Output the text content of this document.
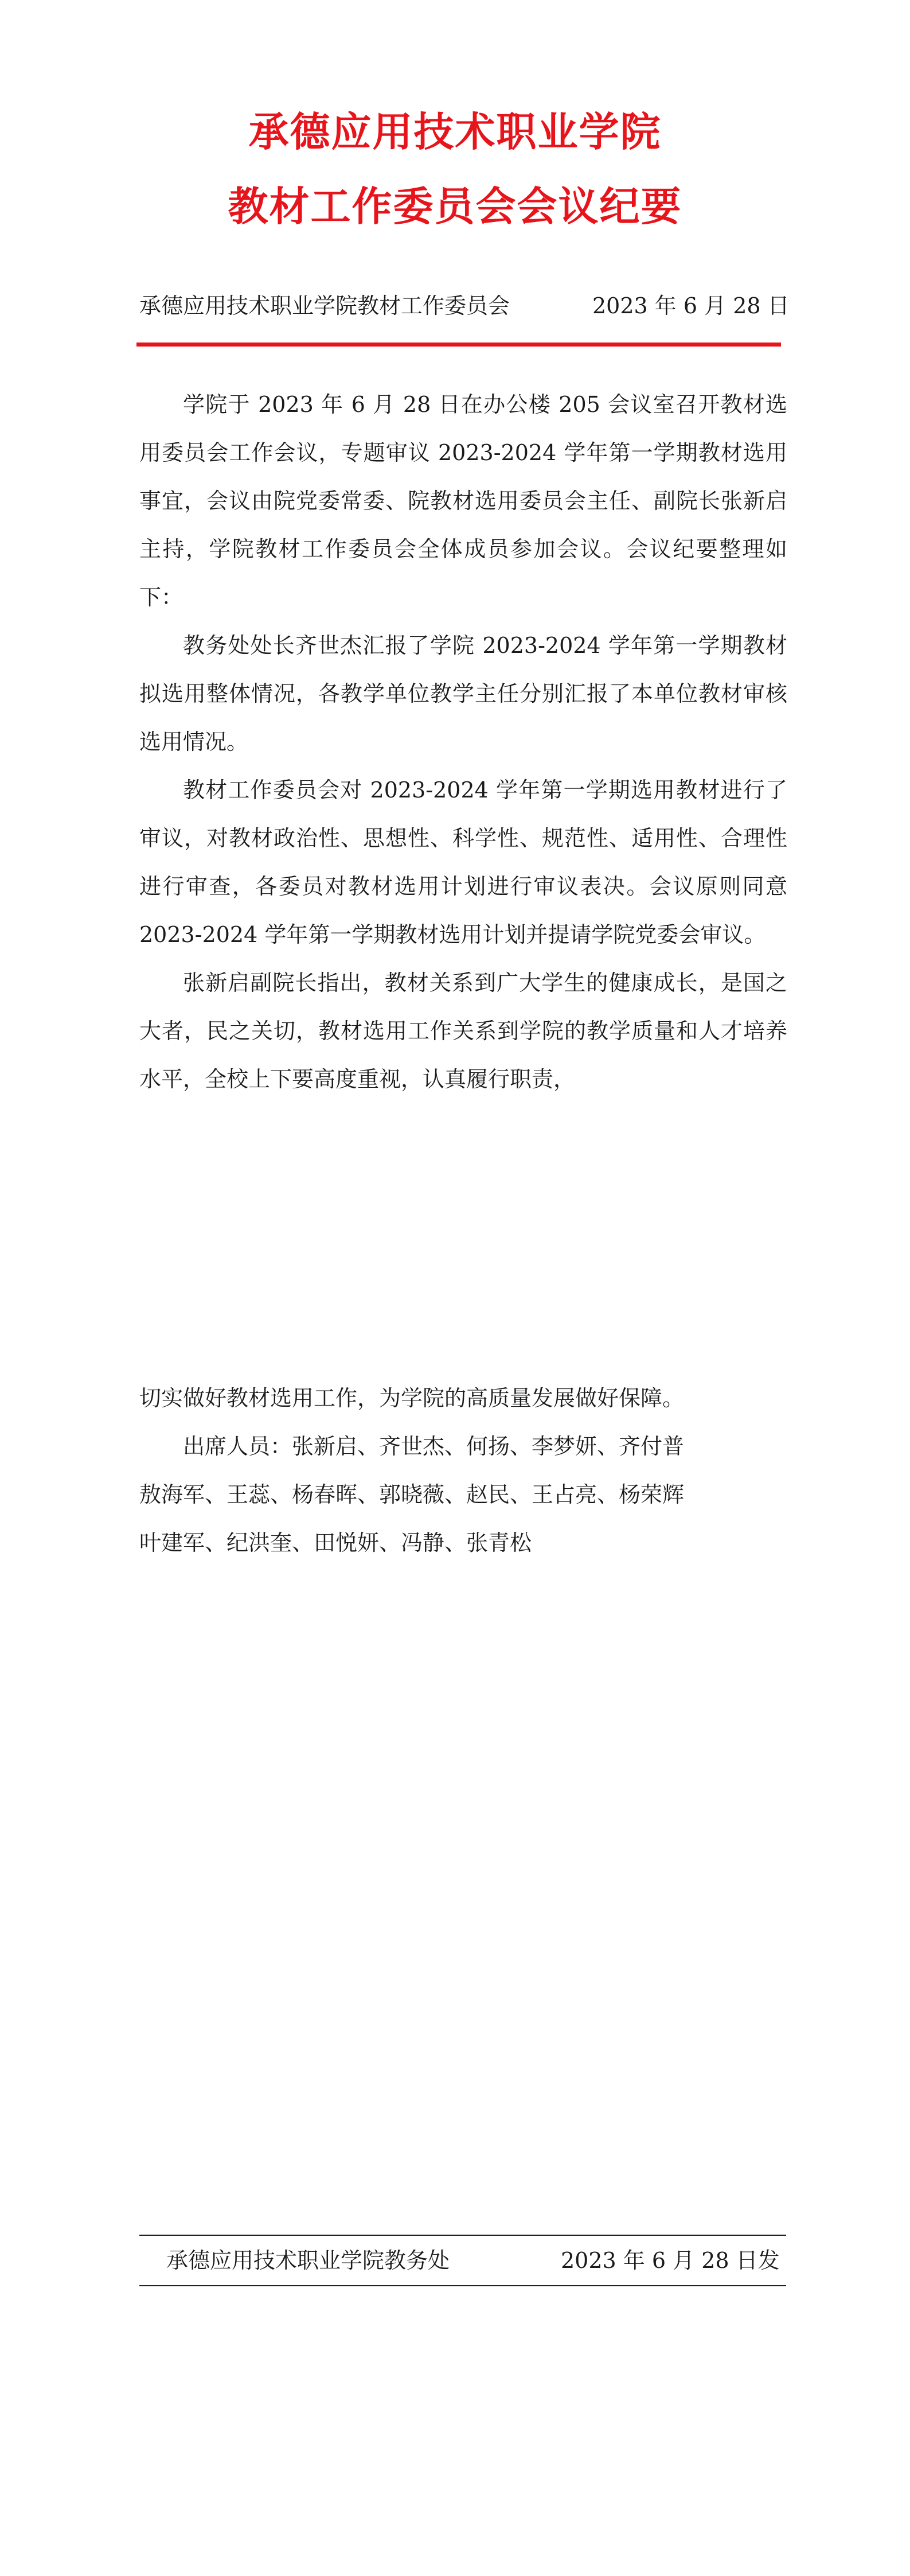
承德应用技术职业学院
教材工作委员会会议纪要
承德应用技术职业学院教材工作委员会	2023 年 6 月 28 日

学院于 2023 年 6 月 28 日在办公楼 205 会议室召开教材选用委员会工作会议，专题审议 2023-2024 学年第一学期教材选用事宜，会议由院党委常委、院教材选用委员会主任、副院长张新启主持，学院教材工作委员会全体成员参加会议。会议纪要整理如下：

教务处处长齐世杰汇报了学院 2023-2024 学年第一学期教材拟选用整体情况，各教学单位教学主任分别汇报了本单位教材审核选用情况。

教材工作委员会对 2023-2024 学年第一学期选用教材进行了审议，对教材政治性、思想性、科学性、规范性、适用性、合理性进行审查，各委员对教材选用计划进行审议表决。会议原则同意 2023-2024 学年第一学期教材选用计划并提请学院党委会审议。

张新启副院长指出，教材关系到广大学生的健康成长，是国之大者，民之关切，教材选用工作关系到学院的教学质量和人才培养水平，全校上下要高度重视，认真履行职责，

切实做好教材选用工作，为学院的高质量发展做好保障。

出席人员：张新启、齐世杰、何扬、李梦妍、齐付普
敖海军、王蕊、杨春晖、郭晓薇、赵民、王占亮、杨荣辉
叶建军、纪洪奎、田悦妍、冯静、张青松
承德应用技术职业学院教务处	2023 年 6 月 28 日发
